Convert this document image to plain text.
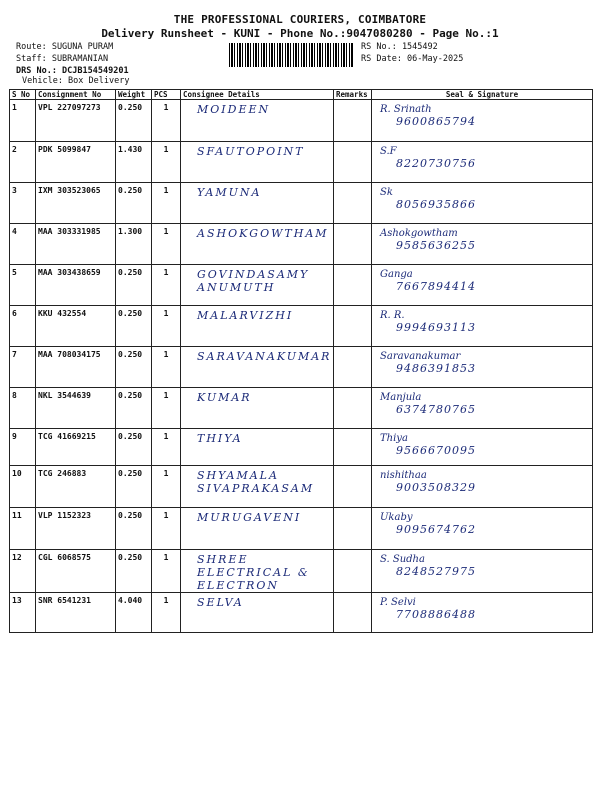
THE PROFESSIONAL COURIERS, COIMBATORE
Delivery Runsheet - KUNI - Phone No.:9047080280 - Page No.:1
Route: SUGUNA PURAM
Staff: SUBRAMANIAN
DRS No.: DCJB154549201
Vehicle: Box Delivery
RS No.: 1545492
RS Date: 06-May-2025
S No	Consignment No	Weight	PCS	Consignee Details	Remarks	Seal & Signature
1	VPL 227097273	0.250	1	MOIDEEN		R. Srinath
9600865794

2	PDK 5099847	1.430	1	SFAUTOPOINT		S.F
8220730756

3	IXM 303523065	0.250	1	YAMUNA		Sk
8056935866

4	MAA 303331985	1.300	1	ASHOKGOWTHAM		Ashokgowtham
9585636255

5	MAA 303438659	0.250	1	GOVINDASAMY ANUMUTH		Ganga
7667894414

6	KKU 432554	0.250	1	MALARVIZHI		R. R.
9994693113

7	MAA 708034175	0.250	1	SARAVANAKUMAR		Saravanakumar
9486391853

8	NKL 3544639	0.250	1	KUMAR		Manjula
6374780765

9	TCG 41669215	0.250	1	THIYA		Thiya
9566670095

10	TCG 246883	0.250	1	SHYAMALA SIVAPRAKASAM		nishithaa
9003508329

11	VLP 1152323	0.250	1	MURUGAVENI		Ukaby
9095674762

12	CGL 6068575	0.250	1	SHREE ELECTRICAL & ELECTRON		S. Sudha
8248527975

13	SNR 6541231	4.040	1	SELVA		P. Selvi
7708886488
